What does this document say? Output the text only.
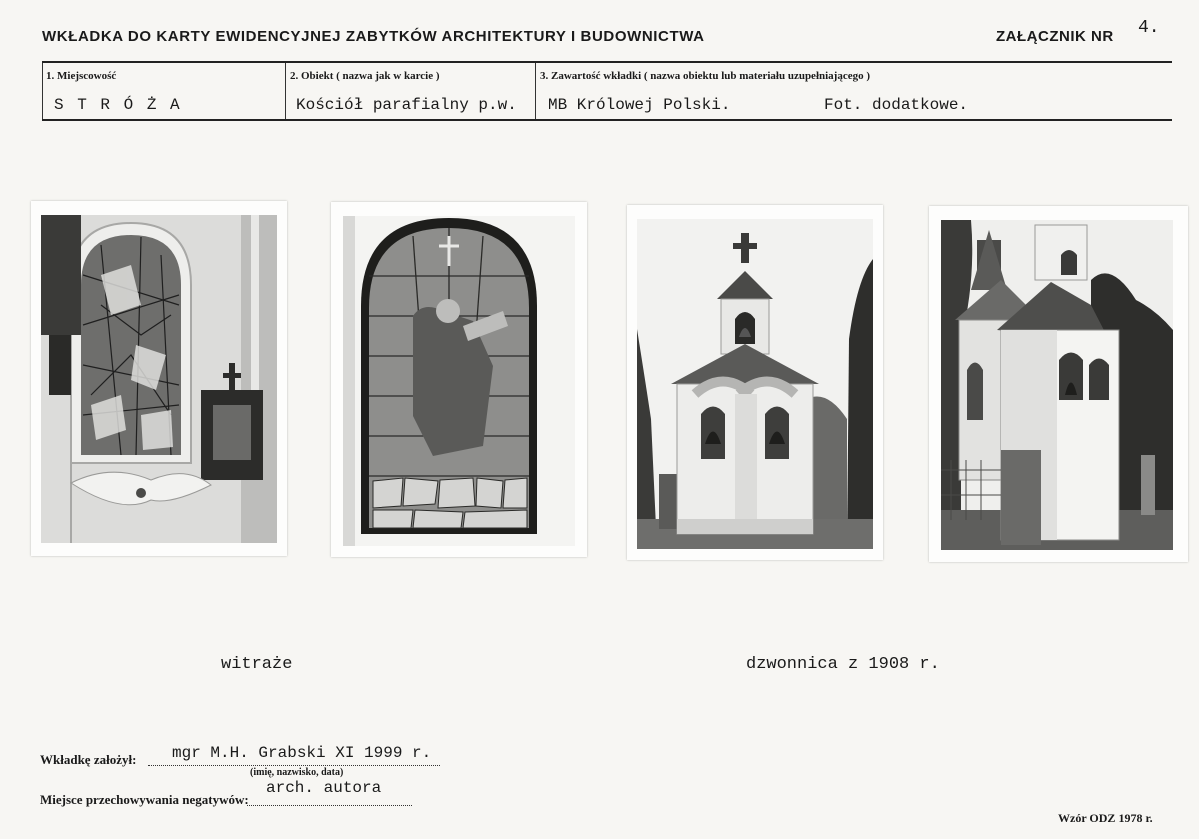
WKŁADKA DO KARTY EWIDENCYJNEJ ZABYTKÓW ARCHITEKTURY I BUDOWNICTWA	ZAŁĄCZNIK NR 4.
1. Miejscowość
S T R Ó Ż A
2. Obiekt ( nazwa jak w karcie )
Kościół parafialny p.w.
3. Zawartość wkładki ( nazwa obiektu lub materiału uzupełniającego )
MB Królowej Polski.	Fot. dodatkowe.
witraże	dzwonnica z 1908 r.
Wkładkę założył: mgr M.H. Grabski XI 1999 r.
(imię, nazwisko, data)
Miejsce przechowywania negatywów:
arch. autora
Wzór ODZ 1978 r.
